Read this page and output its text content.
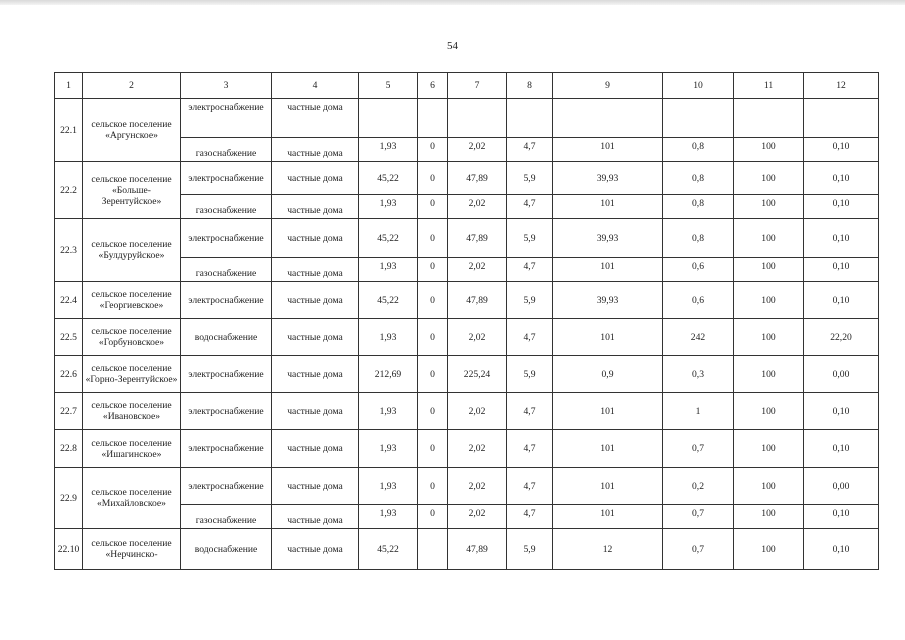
54
1	2	3	4	5	6	7	8	9	10	11	12
22.1	сельское поселение «Аргунское»	электроснабжение	частные дома								
		газоснабжение	частные дома	1,93	0	2,02	4,7	101	0,8	100	0,10
22.2	сельское поселение «Больше-Зерентуйское»	электроснабжение	частные дома	45,22	0	47,89	5,9	39,93	0,8	100	0,10
		газоснабжение	частные дома	1,93	0	2,02	4,7	101	0,8	100	0,10
22.3	сельское поселение «Булдуруйское»	электроснабжение	частные дома	45,22	0	47,89	5,9	39,93	0,8	100	0,10
		газоснабжение	частные дома	1,93	0	2,02	4,7	101	0,6	100	0,10
22.4	сельское поселение «Георгиевское»	электроснабжение	частные дома	45,22	0	47,89	5,9	39,93	0,6	100	0,10
22.5	сельское поселение «Горбуновское»	водоснабжение	частные дома	1,93	0	2,02	4,7	101	242	100	22,20
22.6	сельское поселение «Горно-Зерентуйское»	электроснабжение	частные дома	212,69	0	225,24	5,9	0,9	0,3	100	0,00
22.7	сельское поселение «Ивановское»	электроснабжение	частные дома	1,93	0	2,02	4,7	101	1	100	0,10
22.8	сельское поселение «Ишагинское»	электроснабжение	частные дома	1,93	0	2,02	4,7	101	0,7	100	0,10
22.9	сельское поселение «Михайловское»	электроснабжение	частные дома	1,93	0	2,02	4,7	101	0,2	100	0,00
		газоснабжение	частные дома	1,93	0	2,02	4,7	101	0,7	100	0,10
22.10	сельское поселение «Нерчинско-	водоснабжение	частные дома	45,22		47,89	5,9	12	0,7	100	0,10
